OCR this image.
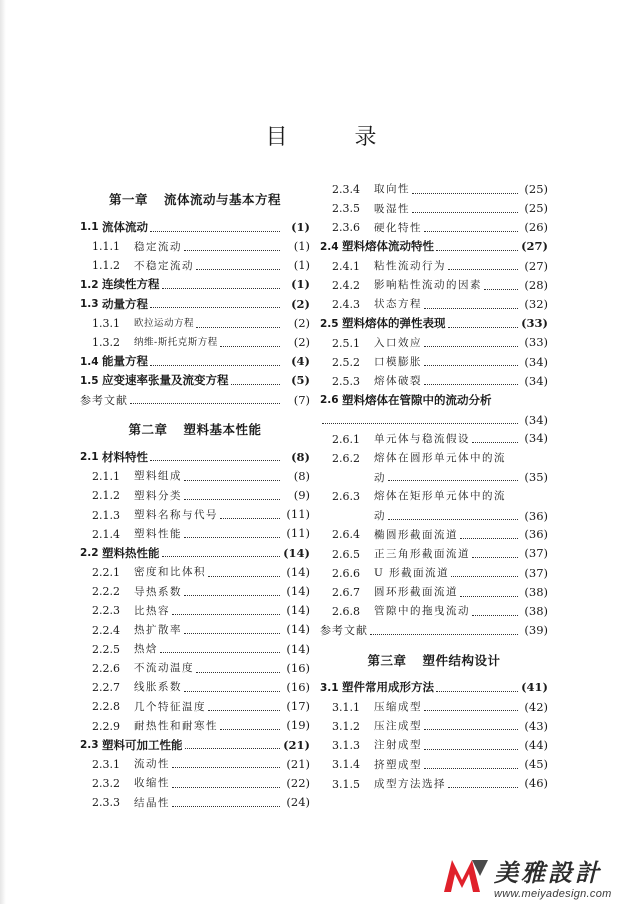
目 录
第一章 流体流动与基本方程
1.1 流体流动	(1)
1.1.1	稳定流动	(1)
1.1.2	不稳定流动	(1)
1.2 连续性方程	(1)
1.3 动量方程	(2)
1.3.1	欧拉运动方程	(2)
1.3.2	纳维-斯托克斯方程	(2)
1.4 能量方程	(4)
1.5 应变速率张量及流变方程	(5)
参考文献	(7)
第二章 塑料基本性能
2.1 材料特性	(8)
2.1.1	塑料组成	(8)
2.1.2	塑料分类	(9)
2.1.3	塑料名称与代号	(11)
2.1.4	塑料性能	(11)
2.2 塑料热性能	(14)
2.2.1	密度和比体积	(14)
2.2.2	导热系数	(14)
2.2.3	比热容	(14)
2.2.4	热扩散率	(14)
2.2.5	热焓	(14)
2.2.6	不流动温度	(16)
2.2.7	线胀系数	(16)
2.2.8	几个特征温度	(17)
2.2.9	耐热性和耐寒性	(19)
2.3 塑料可加工性能	(21)
2.3.1	流动性	(21)
2.3.2	收缩性	(22)
2.3.3	结晶性	(24)
2.3.4	取向性	(25)
2.3.5	吸湿性	(25)
2.3.6	硬化特性	(26)
2.4 塑料熔体流动特性	(27)
2.4.1	粘性流动行为	(27)
2.4.2	影响粘性流动的因素	(28)
2.4.3	状态方程	(32)
2.5 塑料熔体的弹性表现	(33)
2.5.1	入口效应	(33)
2.5.2	口模膨胀	(34)
2.5.3	熔体破裂	(34)
2.6 塑料熔体在管隙中的流动分析
(34)
2.6.1	单元体与稳流假设	(34)
2.6.2	熔体在圆形单元体中的流
动	(35)
2.6.3	熔体在矩形单元体中的流
动	(36)
2.6.4	椭圆形截面流道	(36)
2.6.5	正三角形截面流道	(37)
2.6.6	U 形截面流道	(37)
2.6.7	圆环形截面流道	(38)
2.6.8	管隙中的拖曳流动	(38)
参考文献	(39)
第三章 塑件结构设计
3.1 塑件常用成形方法	(41)
3.1.1	压缩成型	(42)
3.1.2	压注成型	(43)
3.1.3	注射成型	(44)
3.1.4	挤塑成型	(45)
3.1.5	成型方法选择	(46)
美雅設計
www.meiyadesign.com
